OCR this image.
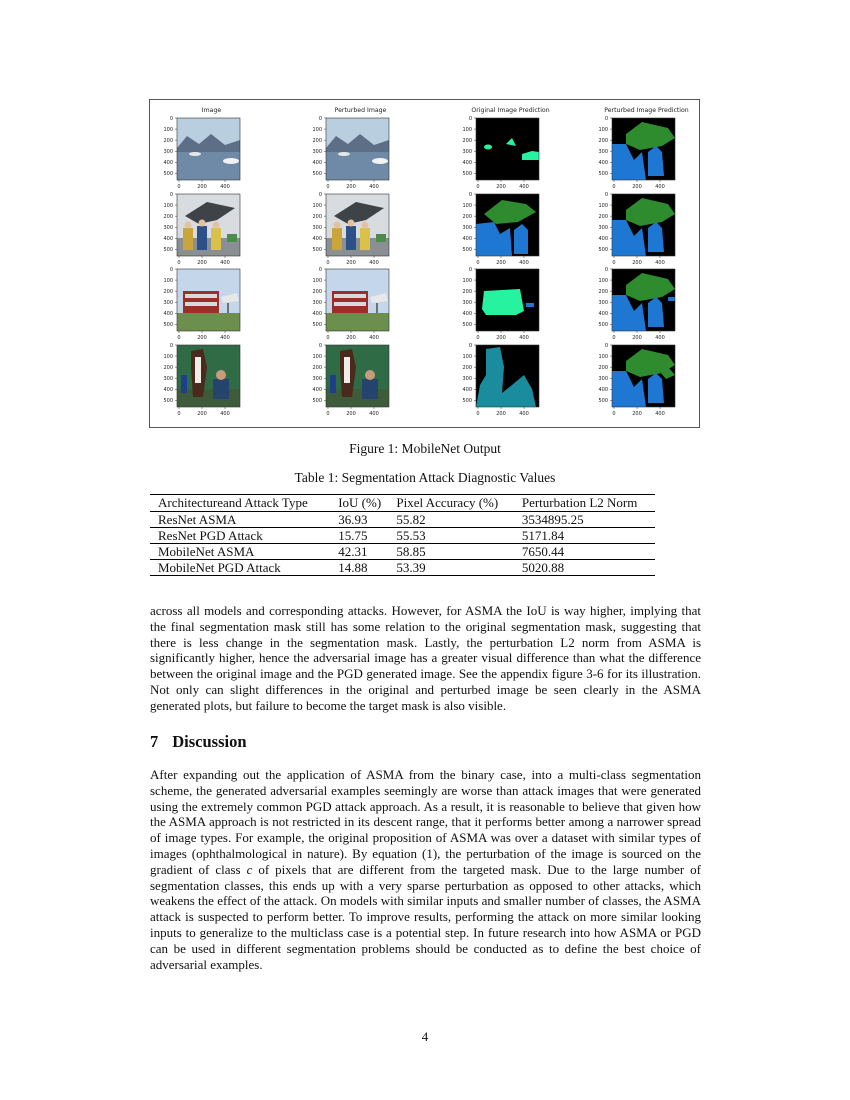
Image	Perturbed Image	Original Image Prediction	Perturbed Image Prediction
0
100
200
300
400
500
0	200	400
0
100
200
300
400
500
0	200	400
0
100
200
300
400
500
0	200	400
0
100
200
300
400
500
0	200	400
0
100
200
300
400
500
0	200	400
0
100
200
300
400
500
0	200	400
0
100
200
300
400
500
0	200	400
0
100
200
300
400
500
0	200	400
0
100
200
300
400
500
0	200	400
0
100
200
300
400
500
0	200	400
0
100
200
300
400
500
0	200	400
0
100
200
300
400
500
0	200	400
0
100
200
300
400
500
0	200	400
0
100
200
300
400
500
0	200	400
0
100
200
300
400
500
0	200	400
0
100
200
300
400
500
0	200	400
Figure 1: MobileNet Output
Table 1: Segmentation Attack Diagnostic Values
Architectureand Attack Type	IoU (%)	Pixel Accuracy (%)	Perturbation L2 Norm
ResNet ASMA	36.93	55.82	3534895.25
ResNet PGD Attack	15.75	55.53	5171.84
MobileNet ASMA	42.31	58.85	7650.44
MobileNet PGD Attack	14.88	53.39	5020.88

across all models and corresponding attacks. However, for ASMA the IoU is way higher, implying that the final segmentation mask still has some relation to the original segmentation mask, suggesting that there is less change in the segmentation mask. Lastly, the perturbation L2 norm from ASMA is significantly higher, hence the adversarial image has a greater visual difference than what the difference between the original image and the PGD generated image. See the appendix figure 3-6 for its illustration. Not only can slight differences in the original and perturbed image be seen clearly in the ASMA generated plots, but failure to become the target mask is also visible.

7 Discussion

After expanding out the application of ASMA from the binary case, into a multi-class segmentation scheme, the generated adversarial examples seemingly are worse than attack images that were generated using the extremely common PGD attack approach. As a result, it is reasonable to believe that given how the ASMA approach is not restricted in its descent range, that it performs better among a narrower spread of image types. For example, the original proposition of ASMA was over a dataset with similar types of images (ophthalmological in nature). By equation (1), the perturbation of the image is sourced on the gradient of class c of pixels that are different from the targeted mask. Due to the large number of segmentation classes, this ends up with a very sparse perturbation as opposed to other attacks, which weakens the effect of the attack. On models with similar inputs and smaller number of classes, the ASMA attack is suspected to perform better. To improve results, performing the attack on more similar looking inputs to generalize to the multiclass case is a potential step. In future research into how ASMA or PGD can be used in different segmentation problems should be conducted as to define the best choice of adversarial examples.

4
